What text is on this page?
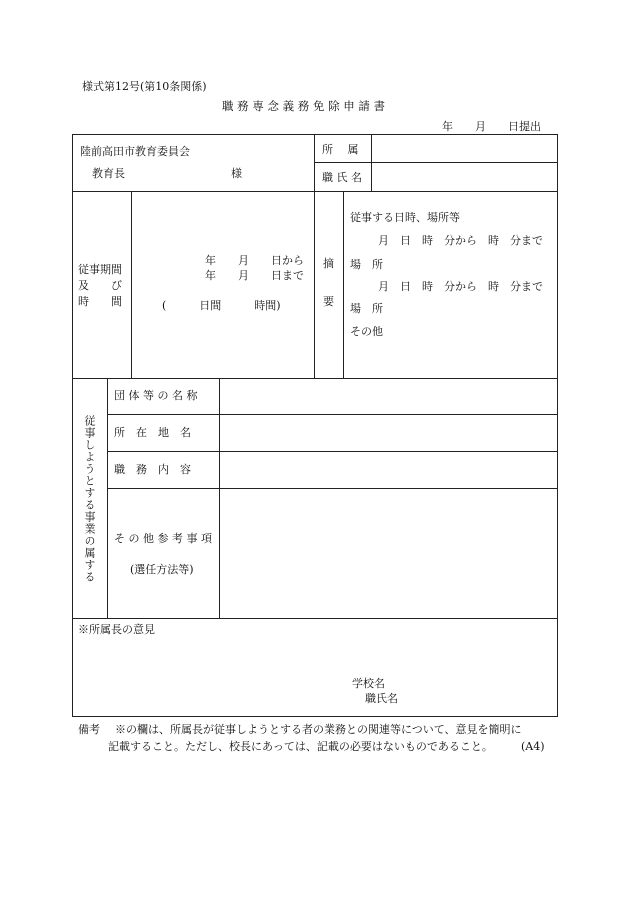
様式第12号(第10条関係)
職 務 専 念 義 務 免 除 申 請 書
年　　月　　日提出
陸前高田市教育委員会
教育長	様
所　 属
職 氏 名
従事期間
及　　び
時　　間
年　　月　　日から
年　　月　　日まで
(　　　日間　　　時間)
摘
要
従事する日時、場所等
月　日　時　分から　時　分まで
場　所
月　日　時　分から　時　分まで
場　所
その他
従事しようとする事業の属する
団 体 等 の 名 称
所　在　地　名
職　務　内　容
そ の 他 参 考 事 項
(選任方法等)
※所属長の意見
学校名
職氏名
備考 ※の欄は、所属長が従事しようとする者の業務との関連等について、意見を簡明に
記載すること。ただし、校長にあっては、記載の必要はないものであること。	(A4)
